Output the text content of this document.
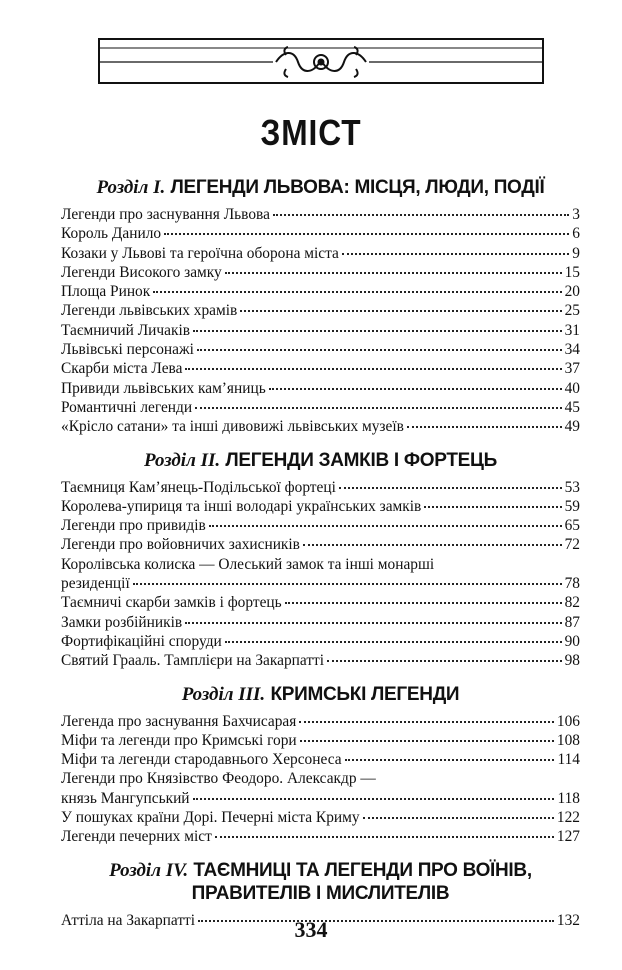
ЗМІСТ
Розділ І. ЛЕГЕНДИ ЛЬВОВА: МІСЦЯ, ЛЮДИ, ПОДІЇ
Легенди про заснування Львова	3
Король Данило	6
Козаки у Львові та героїчна оборона міста	9
Легенди Високого замку	15
Площа Ринок	20
Легенди львівських храмів	25
Таємничий Личаків	31
Львівські персонажі	34
Скарби міста Лева	37
Привиди львівських кам’яниць	40
Романтичні легенди	45
«Крісло сатани» та інші дивовижі львівських музеїв	49
Розділ ІІ. ЛЕГЕНДИ ЗАМКІВ І ФОРТЕЦЬ
Таємниця Кам’янець-Подільської фортеці	53
Королева-упириця та інші володарі українських замків	59
Легенди про привидів	65
Легенди про войовничих захисників	72
Королівська колиска — Олеський замок та інші монарші
резиденції	78
Таємничі скарби замків і фортець	82
Замки розбійників	87
Фортифікаційні споруди	90
Святий Грааль. Тамплієри на Закарпатті	98
Розділ ІІІ. КРИМСЬКІ ЛЕГЕНДИ
Легенда про заснування Бахчисарая	106
Міфи та легенди про Кримські гори	108
Міфи та легенди стародавнього Херсонеса	114
Легенди про Князівство Феодоро. Алексакдр —
князь Мангупський	118
У пошуках країни Дорі. Печерні міста Криму	122
Легенди печерних міст	127
Розділ IV. ТАЄМНИЦІ ТА ЛЕГЕНДИ ПРО ВОЇНІВ,
ПРАВИТЕЛІВ І МИСЛИТЕЛІВ
Аттіла на Закарпатті	132
334
